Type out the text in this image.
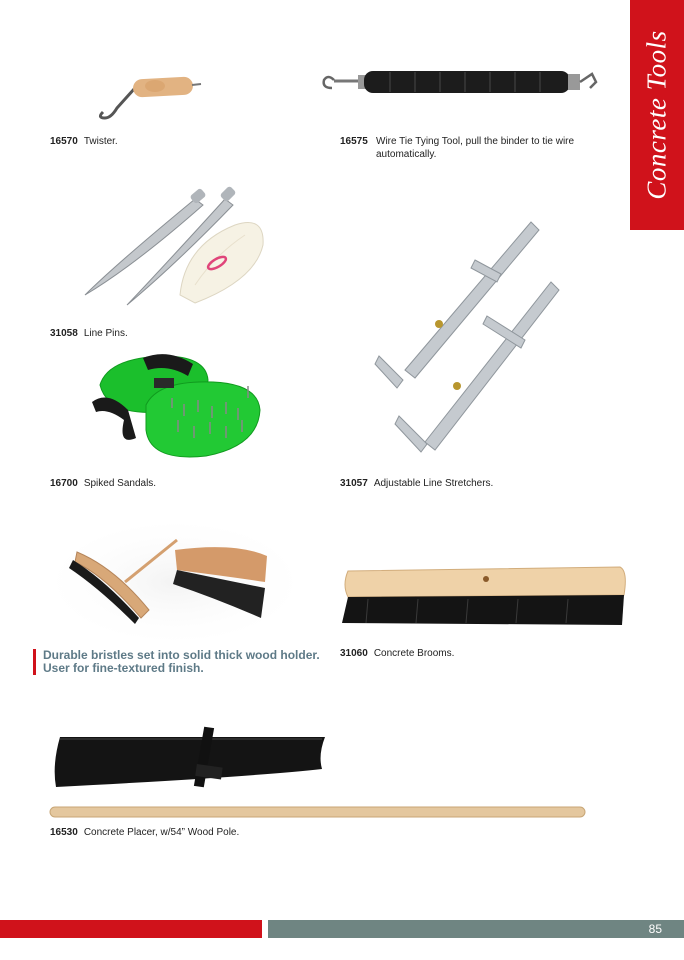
Concrete Tools
16570 Twister.	16575 Wire Tie Tying Tool, pull the binder to tie wire automatically.
31058 Line Pins.
16700 Spiked Sandals.	31057 Adjustable Line Stretchers.
31060 Concrete Brooms.
16530 Concrete Placer, w/54” Wood Pole.
Durable bristles set into solid thick wood holder. User for fine-textured finish.
85
